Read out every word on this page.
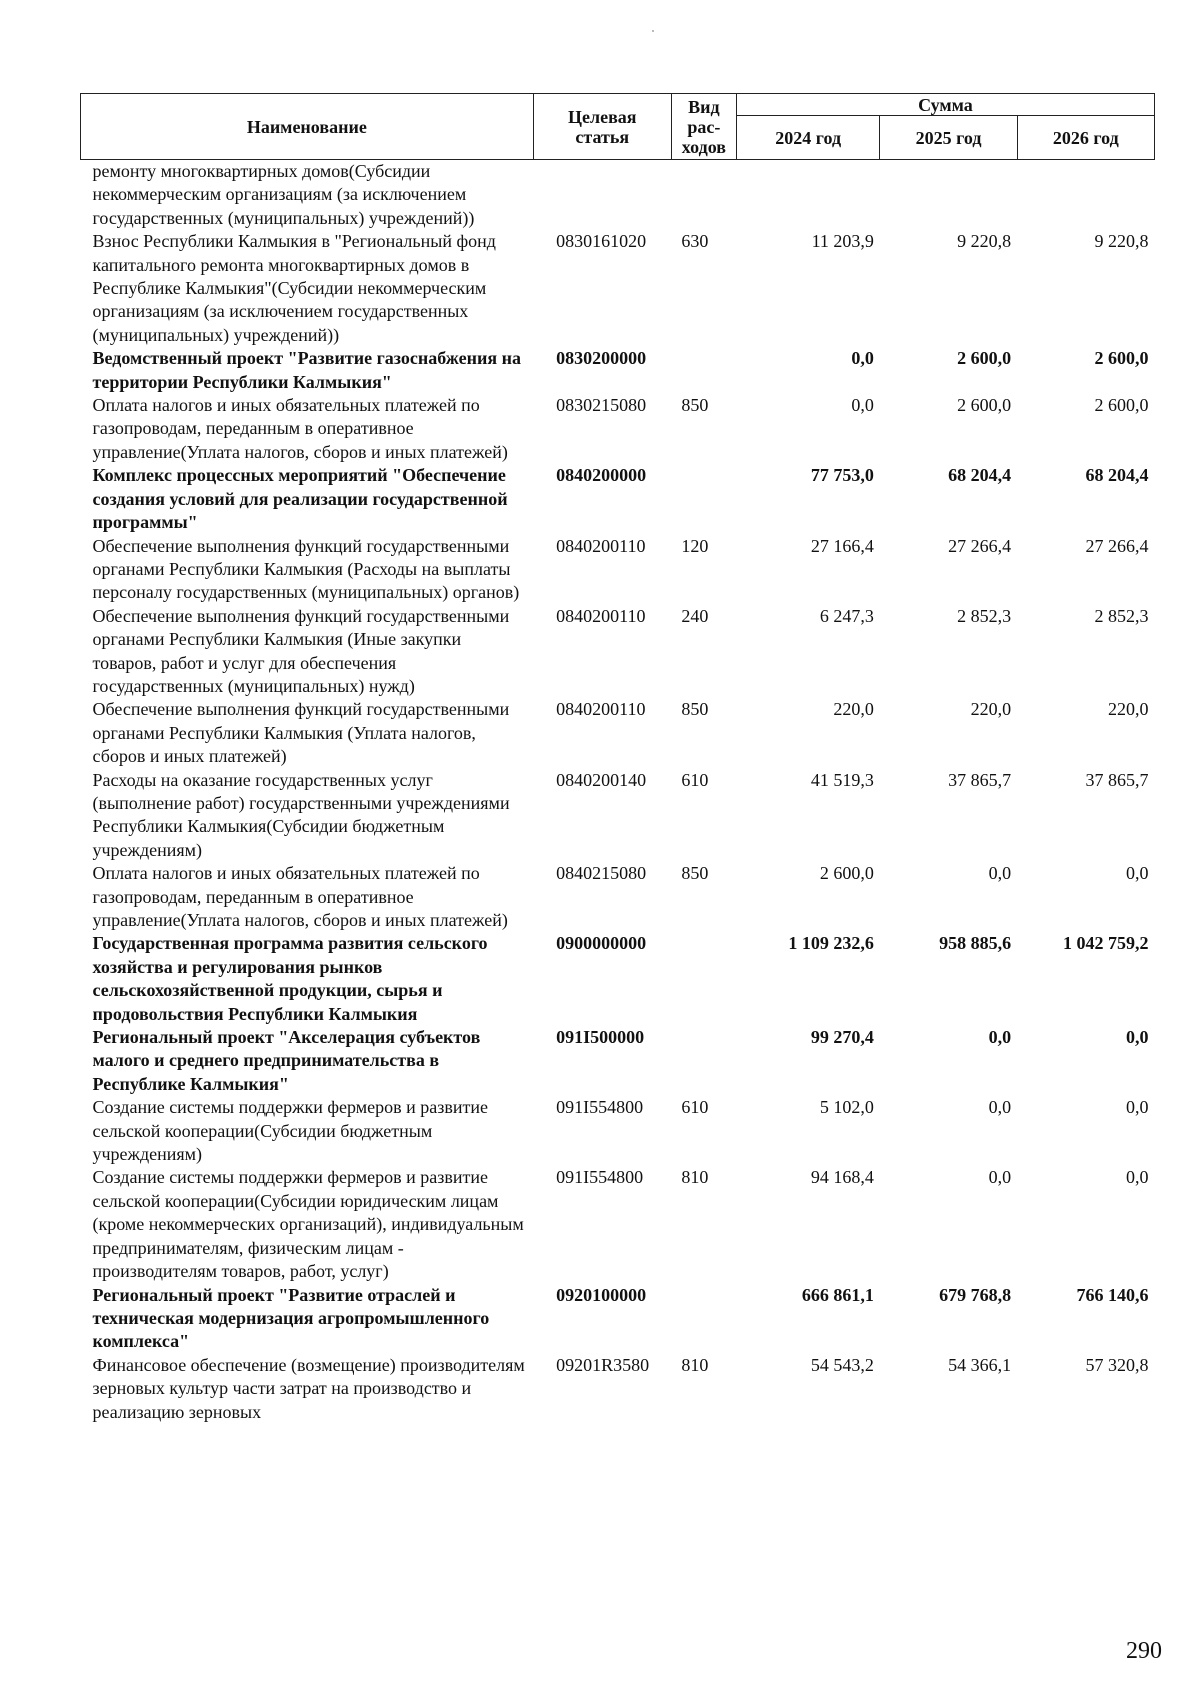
Наименование	Целевая статья	Вид рас-ходов	Сумма		
			2024 год	2025 год	2026 год
ремонту многоквартирных домов(Субсидии некоммерческим организациям (за исключением государственных (муниципальных) учреждений))					
Взнос Республики Калмыкия в "Региональный фонд капитального ремонта многоквартирных домов в Республике Калмыкия"(Субсидии некоммерческим организациям (за исключением государственных (муниципальных) учреждений))	0830161020	630	11 203,9	9 220,8	9 220,8
Ведомственный проект "Развитие газоснабжения на территории Республики Калмыкия"	0830200000		0,0	2 600,0	2 600,0
Оплата налогов и иных обязательных платежей по газопроводам, переданным в оперативное управление(Уплата налогов, сборов и иных платежей)	0830215080	850	0,0	2 600,0	2 600,0
Комплекс процессных мероприятий "Обеспечение создания условий для реализации государственной программы"	0840200000		77 753,0	68 204,4	68 204,4
Обеспечение выполнения функций государственными органами Республики Калмыкия (Расходы на выплаты персоналу государственных (муниципальных) органов)	0840200110	120	27 166,4	27 266,4	27 266,4
Обеспечение выполнения функций государственными органами Республики Калмыкия (Иные закупки товаров, работ и услуг для обеспечения государственных (муниципальных) нужд)	0840200110	240	6 247,3	2 852,3	2 852,3
Обеспечение выполнения функций государственными органами Республики Калмыкия (Уплата налогов, сборов и иных платежей)	0840200110	850	220,0	220,0	220,0
Расходы на оказание государственных услуг (выполнение работ) государственными учреждениями Республики Калмыкия(Субсидии бюджетным учреждениям)	0840200140	610	41 519,3	37 865,7	37 865,7
Оплата налогов и иных обязательных платежей по газопроводам, переданным в оперативное управление(Уплата налогов, сборов и иных платежей)	0840215080	850	2 600,0	0,0	0,0
Государственная программа развития сельского хозяйства и регулирования рынков сельскохозяйственной продукции, сырья и продовольствия Республики Калмыкия	0900000000		1 109 232,6	958 885,6	1 042 759,2
Региональный проект "Акселерация субъектов малого и среднего предпринимательства в Республике Калмыкия"	091I500000		99 270,4	0,0	0,0
Создание системы поддержки фермеров и развитие сельской кооперации(Субсидии бюджетным учреждениям)	091I554800	610	5 102,0	0,0	0,0
Создание системы поддержки фермеров и развитие сельской кооперации(Субсидии юридическим лицам (кроме некоммерческих организаций), индивидуальным предпринимателям, физическим лицам - производителям товаров, работ, услуг)	091I554800	810	94 168,4	0,0	0,0
Региональный проект "Развитие отраслей и техническая модернизация агропромышленного комплекса"	0920100000		666 861,1	679 768,8	766 140,6
Финансовое обеспечение (возмещение) производителям зерновых культур части затрат на производство и реализацию зерновых	09201R3580	810	54 543,2	54 366,1	57 320,8
290
